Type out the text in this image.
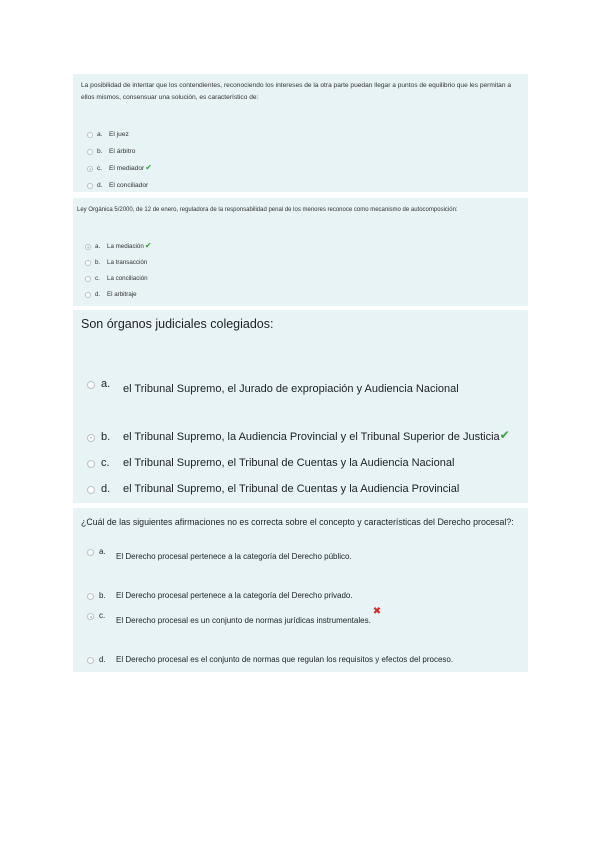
La posibilidad de intentar que los contendientes, reconociendo los intereses de la otra parte puedan llegar a puntos de equilibrio que les permitan a ellos mismos, consensuar una solución, es característico de:

a. El juez
b. El árbitro
c.	El mediador ✔
d. El conciliador

Ley Orgánica 5/2000, de 12 de enero, reguladora de la responsabilidad penal de los menores reconoce como mecanismo de autocomposición:

a.	La mediación ✔
b.	La transacción
c.	La conciliación
d.	El arbitraje

Son órganos judiciales colegiados:

a.	el Tribunal Supremo, el Jurado de expropiación y Audiencia Nacional
b.	el Tribunal Supremo, la Audiencia Provincial y el Tribunal Superior de Justicia ✔
c.	el Tribunal Supremo, el Tribunal de Cuentas y la Audiencia Nacional
d.	el Tribunal Supremo, el Tribunal de Cuentas y la Audiencia Provincial

¿Cuál de las siguientes afirmaciones no es correcta sobre el concepto y características del Derecho procesal?:

a.
El Derecho procesal pertenece a la categoría del Derecho público.
b.	El Derecho procesal pertenece a la categoría del Derecho privado.
c.
El Derecho procesal es un conjunto de normas jurídicas instrumentales.
✖
d.	El Derecho procesal es el conjunto de normas que regulan los requisitos y efectos del proceso.
